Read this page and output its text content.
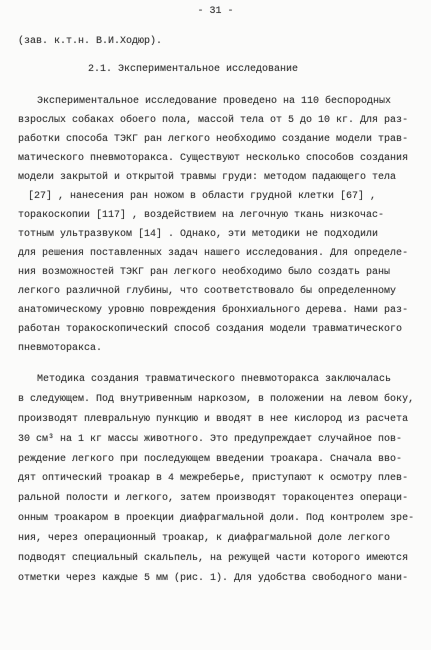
- 31 -
(зав. к.т.н. В.И.Ходюр).
2.1. Экспериментальное исследование
Экспериментальное исследование проведено на 110 беспородных
взрослых собаках обоего пола, массой тела от 5 до 10 кг. Для раз-
работки способа ТЭКГ ран легкого необходимо создание модели трав-
матического пневмоторакса. Существуют несколько способов создания
модели закрытой и открытой травмы груди: методом падающего тела
[27] , нанесения ран ножом в области грудной клетки [67] ,
торакоскопии [117] , воздействием на легочную ткань низкочас-
тотным ультразвуком [14] . Однако, эти методики не подходили
для решения поставленных задач нашего исследования. Для определе-
ния возможностей ТЭКГ ран легкого необходимо было создать раны
легкого различной глубины, что соответствовало бы определенному
анатомическому уровню повреждения бронхиального дерева. Нами раз-
работан торакоскопический способ создания модели травматического
пневмоторакса.
Методика создания травматического пневмоторакса заключалась
в следующем. Под внутривенным наркозом, в положении на левом боку,
производят плевральную пункцию и вводят в нее кислород из расчета
30 см³ на 1 кг массы животного. Это предупреждает случайное пов-
реждение легкого при последующем введении троакара. Сначала вво-
дят оптический троакар в 4 межреберье, приступают к осмотру плев-
ральной полости и легкого, затем производят торакоцентез операци-
онным троакаром в проекции диафрагмальной доли. Под контролем зре-
ния, через операционный троакар, к диафрагмальной доле легкого
подводят специальный скальпель, на режущей части которого имеются
отметки через каждые 5 мм (рис. 1). Для удобства свободного мани-
